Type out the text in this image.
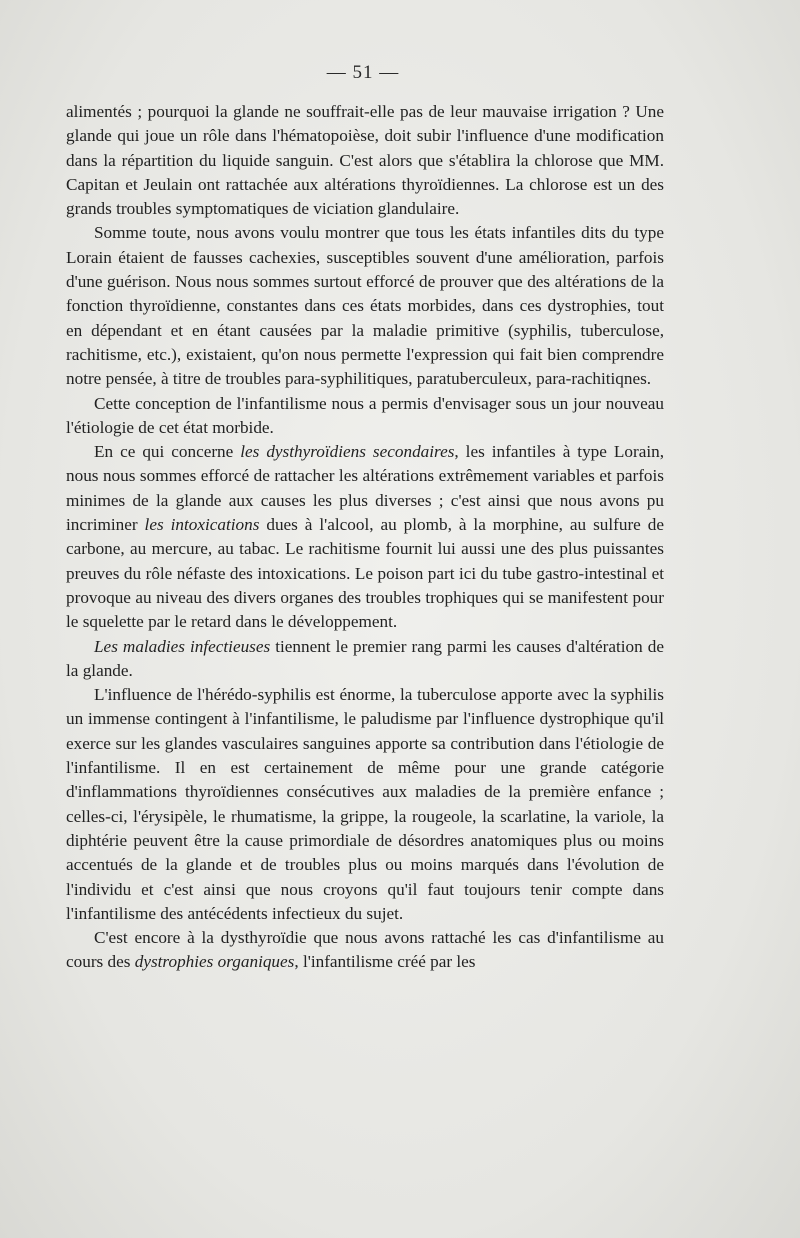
— 51 —

alimentés ; pourquoi la glande ne souffrait-elle pas de leur mauvaise irrigation ? Une glande qui joue un rôle dans l'hématopoièse, doit subir l'influence d'une modification dans la répartition du liquide sanguin. C'est alors que s'établira la chlorose que MM. Capitan et Jeulain ont rattachée aux altérations thyroïdiennes. La chlorose est un des grands troubles symptomatiques de viciation glandulaire.

Somme toute, nous avons voulu montrer que tous les états infantiles dits du type Lorain étaient de fausses cachexies, susceptibles souvent d'une amélioration, parfois d'une guérison. Nous nous sommes surtout efforcé de prouver que des altérations de la fonction thyroïdienne, constantes dans ces états morbides, dans ces dystrophies, tout en dépendant et en étant causées par la maladie primitive (syphilis, tuberculose, rachitisme, etc.), existaient, qu'on nous permette l'expression qui fait bien comprendre notre pensée, à titre de troubles para-syphilitiques, paratuberculeux, para-rachitiqnes.

Cette conception de l'infantilisme nous a permis d'envisager sous un jour nouveau l'étiologie de cet état morbide.

En ce qui concerne les dysthyroïdiens secondaires, les infantiles à type Lorain, nous nous sommes efforcé de rattacher les altérations extrêmement variables et parfois minimes de la glande aux causes les plus diverses ; c'est ainsi que nous avons pu incriminer les intoxications dues à l'alcool, au plomb, à la morphine, au sulfure de carbone, au mercure, au tabac. Le rachitisme fournit lui aussi une des plus puissantes preuves du rôle néfaste des intoxications. Le poison part ici du tube gastro-intestinal et provoque au niveau des divers organes des troubles trophiques qui se manifestent pour le squelette par le retard dans le développement.

Les maladies infectieuses tiennent le premier rang parmi les causes d'altération de la glande.

L'influence de l'hérédo-syphilis est énorme, la tuberculose apporte avec la syphilis un immense contingent à l'infantilisme, le paludisme par l'influence dystrophique qu'il exerce sur les glandes vasculaires sanguines apporte sa contribution dans l'étiologie de l'infantilisme. Il en est certainement de même pour une grande catégorie d'inflammations thyroïdiennes consécutives aux maladies de la première enfance ; celles-ci, l'érysipèle, le rhumatisme, la grippe, la rougeole, la scarlatine, la variole, la diphtérie peuvent être la cause primordiale de désordres anatomiques plus ou moins accentués de la glande et de troubles plus ou moins marqués dans l'évolution de l'individu et c'est ainsi que nous croyons qu'il faut toujours tenir compte dans l'infantilisme des antécédents infectieux du sujet.

C'est encore à la dysthyroïdie que nous avons rattaché les cas d'infantilisme au cours des dystrophies organiques, l'infantilisme créé par les
